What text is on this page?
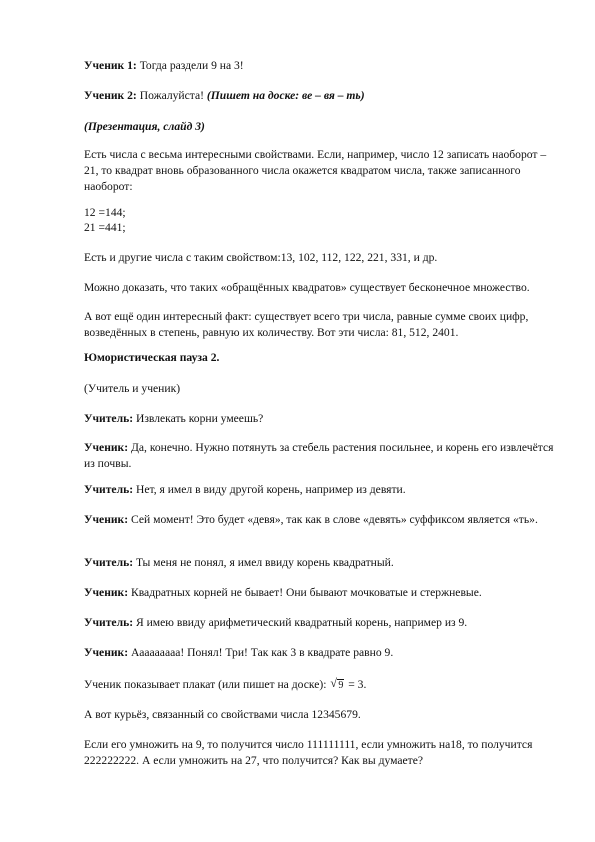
Ученик 1: Тогда раздели 9 на 3!

Ученик 2: Пожалуйста! (Пишет на доске: ве – вя – ть)

(Презентация, слайд 3)

Есть числа с весьма интересными свойствами. Если, например, число 12 записать наоборот – 21, то квадрат вновь образованного числа окажется квадратом числа, также записанного наоборот:

12 =144;

21 =441;

Есть и другие числа с таким свойством:13, 102, 112, 122, 221, 331, и др.

Можно доказать, что таких «обращённых квадратов» существует бесконечное множество.

А вот ещё один интересный факт: существует всего три числа, равные сумме своих цифр, возведённых в степень, равную их количеству. Вот эти числа: 81, 512, 2401.

Юмористическая пауза 2.

(Учитель и ученик)

Учитель: Извлекать корни умеешь?

Ученик: Да, конечно. Нужно потянуть за стебель растения посильнее, и корень его извлечётся из почвы.

Учитель: Нет, я имел в виду другой корень, например из девяти.

Ученик: Сей момент! Это будет «девя», так как в слове «девять» суффиксом является «ть».

Учитель: Ты меня не понял, я имел ввиду корень квадратный.

Ученик: Квадратных корней не бывает! Они бывают мочковатые и стержневые.

Учитель: Я имею ввиду арифметический квадратный корень, например из 9.

Ученик: Ааааааааа! Понял! Три! Так как 3 в квадрате равно 9.

Ученик показывает плакат (или пишет на доске): √ 9 = 3.

А вот курьёз, связанный со свойствами числа 12345679.

Если его умножить на 9, то получится число 111111111, если умножить на18, то получится 222222222. А если умножить на 27, что получится? Как вы думаете?
